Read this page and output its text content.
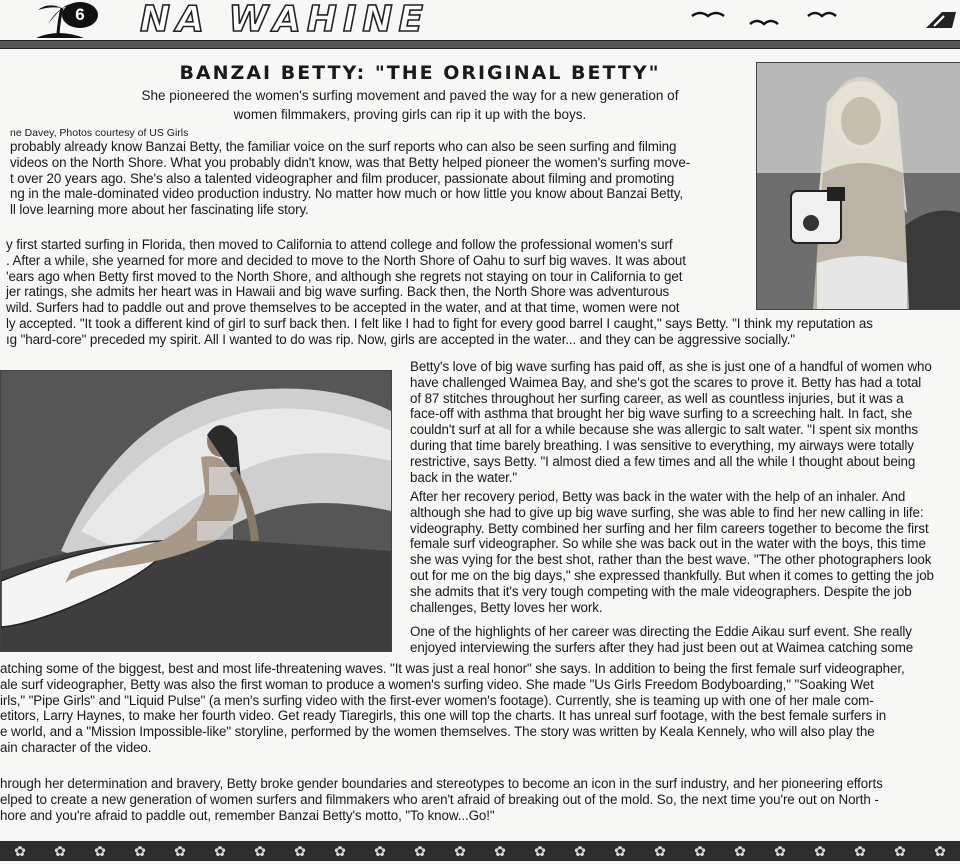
6	NA WAHINE
BANZAI BETTY: "THE ORIGINAL BETTY"
She pioneered the women's surfing movement and paved the way for a new generation of
women filmmakers, proving girls can rip it up with the boys.
ne Davey, Photos courtesy of US Girls
probably already know Banzai Betty, the familiar voice on the surf reports who can also be seen surfing and filming
videos on the North Shore. What you probably didn't know, was that Betty helped pioneer the women's surfing move-
t over 20 years ago. She's also a talented videographer and film producer, passionate about filming and promoting
ng in the male-dominated video production industry. No matter how much or how little you know about Banzai Betty,
ll love learning more about her fascinating life story.
y first started surfing in Florida, then moved to California to attend college and follow the professional women's surf
. After a while, she yearned for more and decided to move to the North Shore of Oahu to surf big waves. It was about
'ears ago when Betty first moved to the North Shore, and although she regrets not staying on tour in California to get
jer ratings, she admits her heart was in Hawaii and big wave surfing. Back then, the North Shore was adventurous
wild. Surfers had to paddle out and prove themselves to be accepted in the water, and at that time, women were not
ly accepted. "It took a different kind of girl to surf back then. I felt like I had to fight for every good barrel I caught," says Betty. "I think my reputation as
ıg "hard-core" preceded my spirit. All I wanted to do was rip. Now, girls are accepted in the water... and they can be aggressive socially."
Betty's love of big wave surfing has paid off, as she is just one of a handful of women who
have challenged Waimea Bay, and she's got the scares to prove it. Betty has had a total
of 87 stitches throughout her surfing career, as well as countless injuries, but it was a
face-off with asthma that brought her big wave surfing to a screeching halt. In fact, she
couldn't surf at all for a while because she was allergic to salt water. "I spent six months
during that time barely breathing. I was sensitive to everything, my airways were totally
restrictive, says Betty. "I almost died a few times and all the while I thought about being
back in the water."
After her recovery period, Betty was back in the water with the help of an inhaler. And
although she had to give up big wave surfing, she was able to find her new calling in life:
videography. Betty combined her surfing and her film careers together to become the first
female surf videographer. So while she was back out in the water with the boys, this time
she was vying for the best shot, rather than the best wave. "The other photographers look
out for me on the big days," she expressed thankfully. But when it comes to getting the job
she admits that it's very tough competing with the male videographers. Despite the job
challenges, Betty loves her work.
One of the highlights of her career was directing the Eddie Aikau surf event. She really
enjoyed interviewing the surfers after they had just been out at Waimea catching some
atching some of the biggest, best and most life-threatening waves. "It was just a real honor" she says. In addition to being the first female surf videographer,
ale surf videographer, Betty was also the first woman to produce a women's surfing video. She made "Us Girls Freedom Bodyboarding," "Soaking Wet
irls," "Pipe Girls" and "Liquid Pulse" (a men's surfing video with the first-ever women's footage). Currently, she is teaming up with one of her male com-
etitors, Larry Haynes, to make her fourth video. Get ready Tiaregirls, this one will top the charts. It has unreal surf footage, with the best female surfers in
e world, and a "Mission Impossible-like" storyline, performed by the women themselves. The story was written by Keala Kennely, who will also play the
ain character of the video.
hrough her determination and bravery, Betty broke gender boundaries and stereotypes to become an icon in the surf industry, and her pioneering efforts
elped to create a new generation of women surfers and filmmakers who aren't afraid of breaking out of the mold. So, the next time you're out on North -
hore and you're afraid to paddle out, remember Banzai Betty's motto, "To know...Go!"
✿ ✿ ✿ ✿ ✿ ✿ ✿ ✿ ✿ ✿ ✿ ✿ ✿ ✿ ✿ ✿ ✿ ✿ ✿ ✿ ✿ ✿ ✿ ✿
